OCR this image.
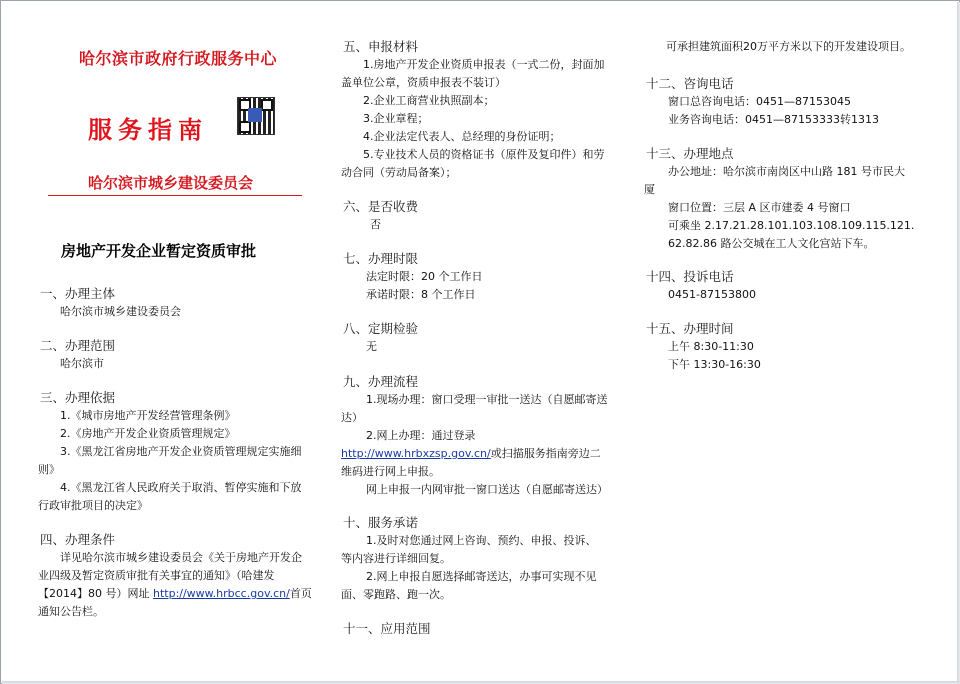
哈尔滨市政府行政服务中心
服务指南
哈尔滨市城乡建设委员会
房地产开发企业暂定资质审批
一、办理主体
哈尔滨市城乡建设委员会
二、办理范围
哈尔滨市
三、办理依据
1.《城市房地产开发经营管理条例》
2.《房地产开发企业资质管理规定》
3.《黑龙江省房地产开发企业资质管理规定实施细
则》
4.《黑龙江省人民政府关于取消、暂停实施和下放
行政审批项目的决定》
四、办理条件
详见哈尔滨市城乡建设委员会《关于房地产开发企
业四级及暂定资质审批有关事宜的通知》（哈建发
【2014】80 号）网址 http://www.hrbcc.gov.cn/首页
通知公告栏。
五、申报材料
1.房地产开发企业资质申报表（一式二份，封面加
盖单位公章，资质申报表不装订）
2.企业工商营业执照副本；
3.企业章程；
4.企业法定代表人、总经理的身份证明；
5.专业技术人员的资格证书（原件及复印件）和劳
动合同（劳动局备案）；
六、是否收费
否
七、办理时限
法定时限：20 个工作日
承诺时限：8 个工作日
八、定期检验
无
九、办理流程
1.现场办理：窗口受理一审批一送达（自愿邮寄送
达）
2.网上办理：通过登录
http://www.hrbxzsp.gov.cn/或扫描服务指南旁边二
维码进行网上申报。
网上申报一内网审批一窗口送达（自愿邮寄送达）
十、服务承诺
1.及时对您通过网上咨询、预约、申报、投诉、
等内容进行详细回复。
2.网上申报自愿选择邮寄送达，办事可实现不见
面、零跑路、跑一次。
十一、应用范围
可承担建筑面积20万平方米以下的开发建设项目。
十二、咨询电话
窗口总咨询电话：0451—87153045
业务咨询电话：0451—87153333转1313
十三、办理地点
办公地址：哈尔滨市南岗区中山路 181 号市民大
厦
窗口位置：三层 A 区市建委 4 号窗口
可乘坐 2.17.21.28.101.103.108.109.115.121.
62.82.86 路公交城在工人文化宫站下车。
十四、投诉电话
0451-87153800
十五、办理时间
上午 8:30-11:30
下午 13:30-16:30
